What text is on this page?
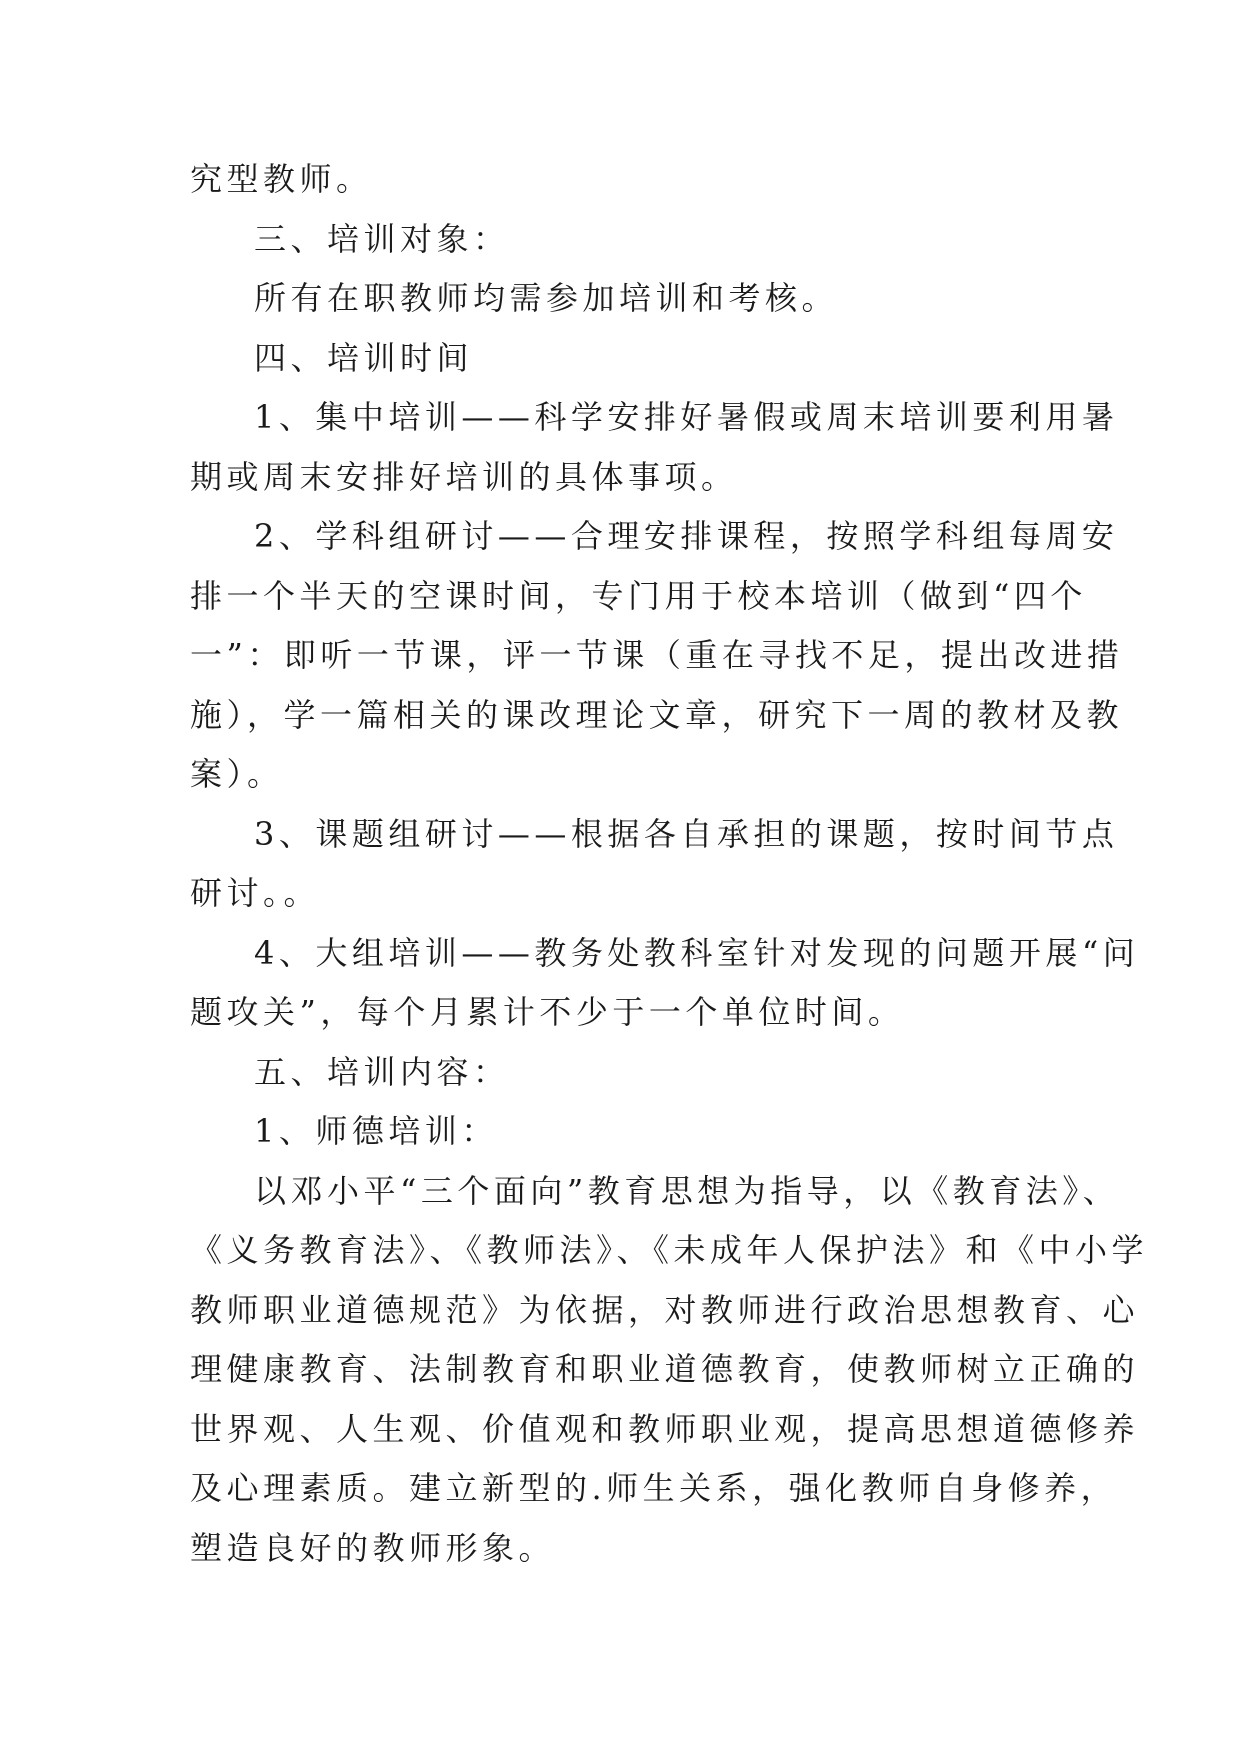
究型教师。
三、培训对象：
所有在职教师均需参加培训和考核。
四、培训时间
1、集中培训——科学安排好暑假或周末培训要利用暑
期或周末安排好培训的具体事项。
2、学科组研讨——合理安排课程，按照学科组每周安
排一个半天的空课时间，专门用于校本培训（做到“四个
一”：即听一节课，评一节课（重在寻找不足，提出改进措
施），学一篇相关的课改理论文章，研究下一周的教材及教
案）。
3、课题组研讨——根据各自承担的课题，按时间节点
研讨。。
4、大组培训——教务处教科室针对发现的问题开展“问
题攻关”，每个月累计不少于一个单位时间。
五、培训内容：
1、师德培训：
以邓小平“三个面向”教育思想为指导，以《教育法》、
《义务教育法》、《教师法》、《未成年人保护法》和《中小学
教师职业道德规范》为依据，对教师进行政治思想教育、心
理健康教育、法制教育和职业道德教育，使教师树立正确的
世界观、人生观、价值观和教师职业观，提高思想道德修养
及心理素质。建立新型的.师生关系，强化教师自身修养，
塑造良好的教师形象。
